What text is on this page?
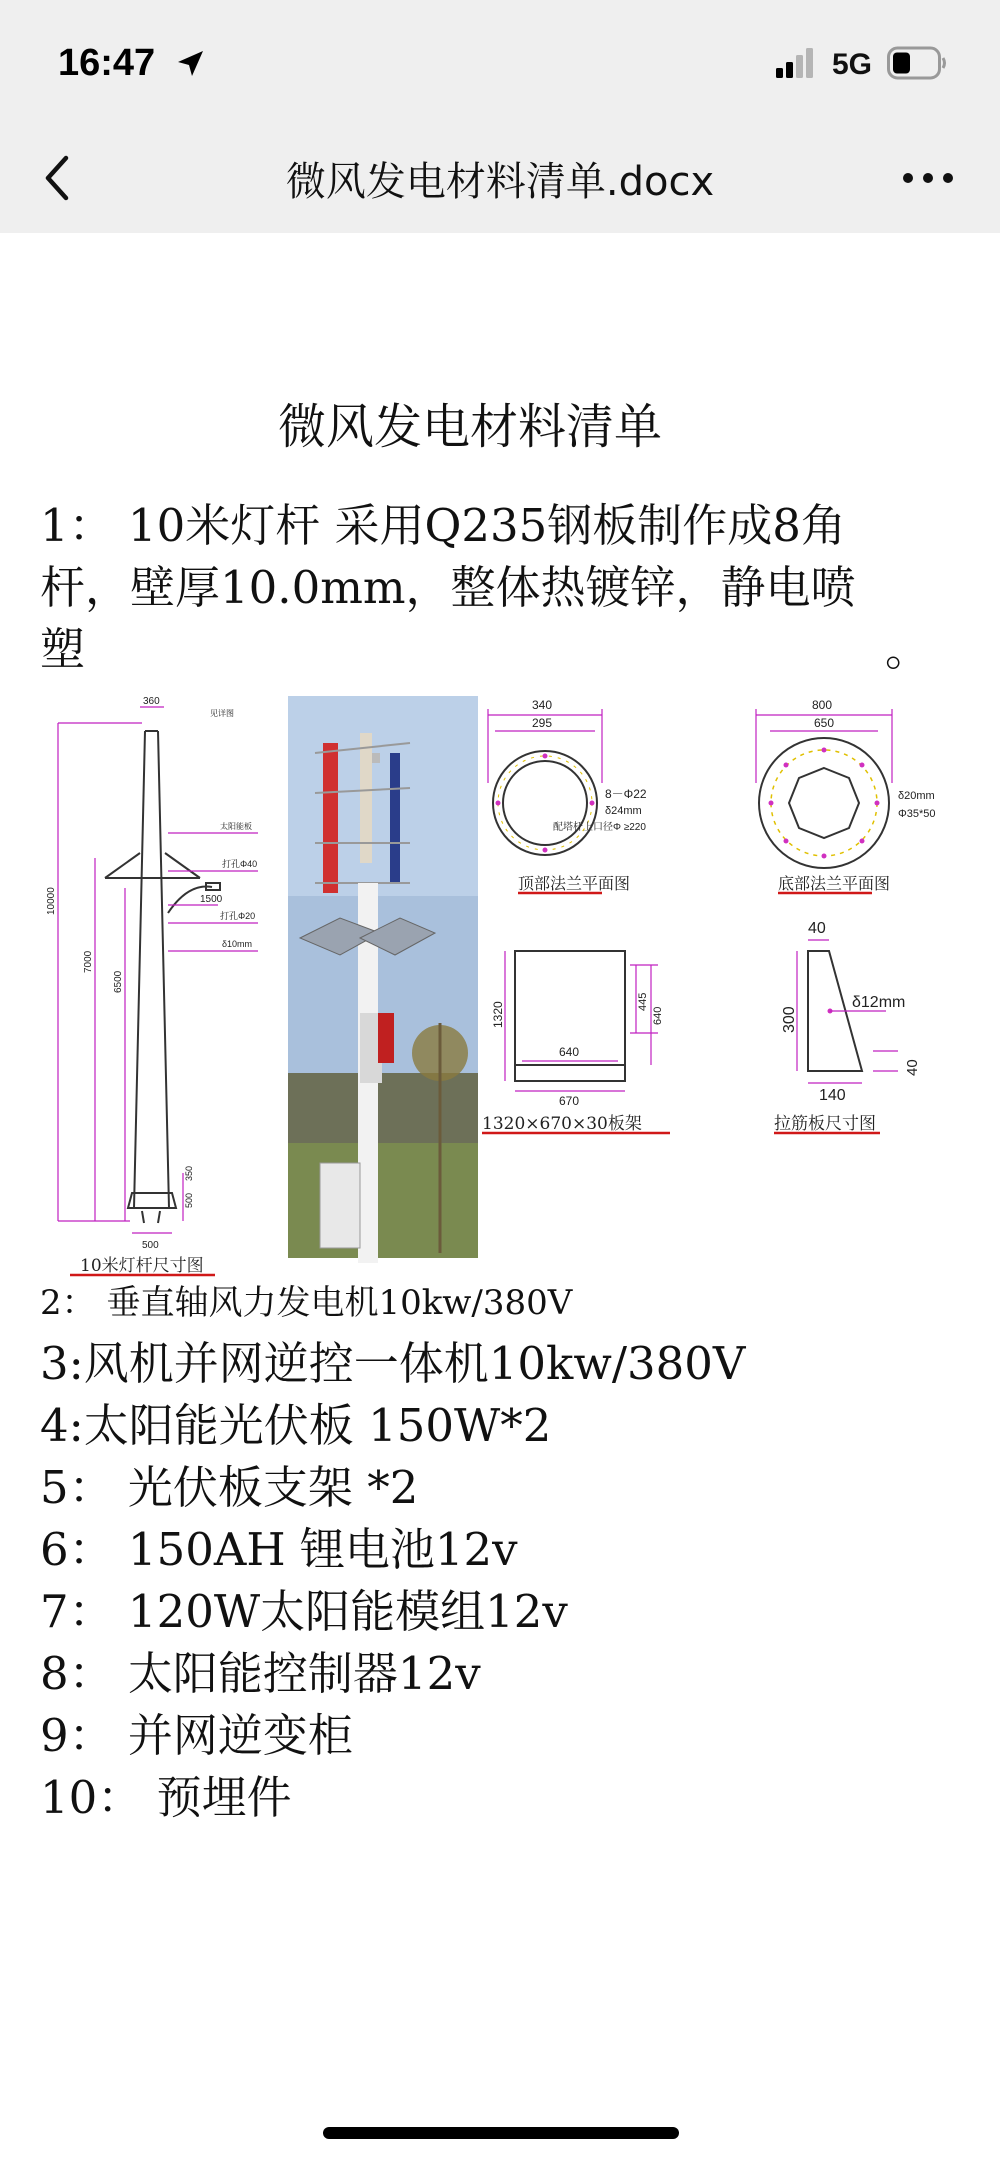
16:47	5G
微风发电材料清单.docx
微风发电材料清单
1： 10米灯杆 采用Q235钢板制作成8角
杆，壁厚10.0mm，整体热镀锌，静电喷
塑	。
360
见详图
太阳能板
打孔Φ40
1500
打孔Φ20
δ10mm
10000
7000
6500
500
350
500
10米灯杆尺寸图
340
295
8－Φ22
δ24mm
配塔杆上口径Φ ≥220
顶部法兰平面图
800
650
δ20mm
Φ35*50
底部法兰平面图
1320
640
670
445
640
1320×670×30板架
40
300
δ12mm
40
140
拉筋板尺寸图
2： 垂直轴风力发电机10kw/380V
3:风机并网逆控一体机10kw/380V
4:太阳能光伏板 150W*2
5： 光伏板支架 *2
6： 150AH 锂电池12v
7： 120W太阳能模组12v
8： 太阳能控制器12v
9： 并网逆变柜
10： 预埋件
